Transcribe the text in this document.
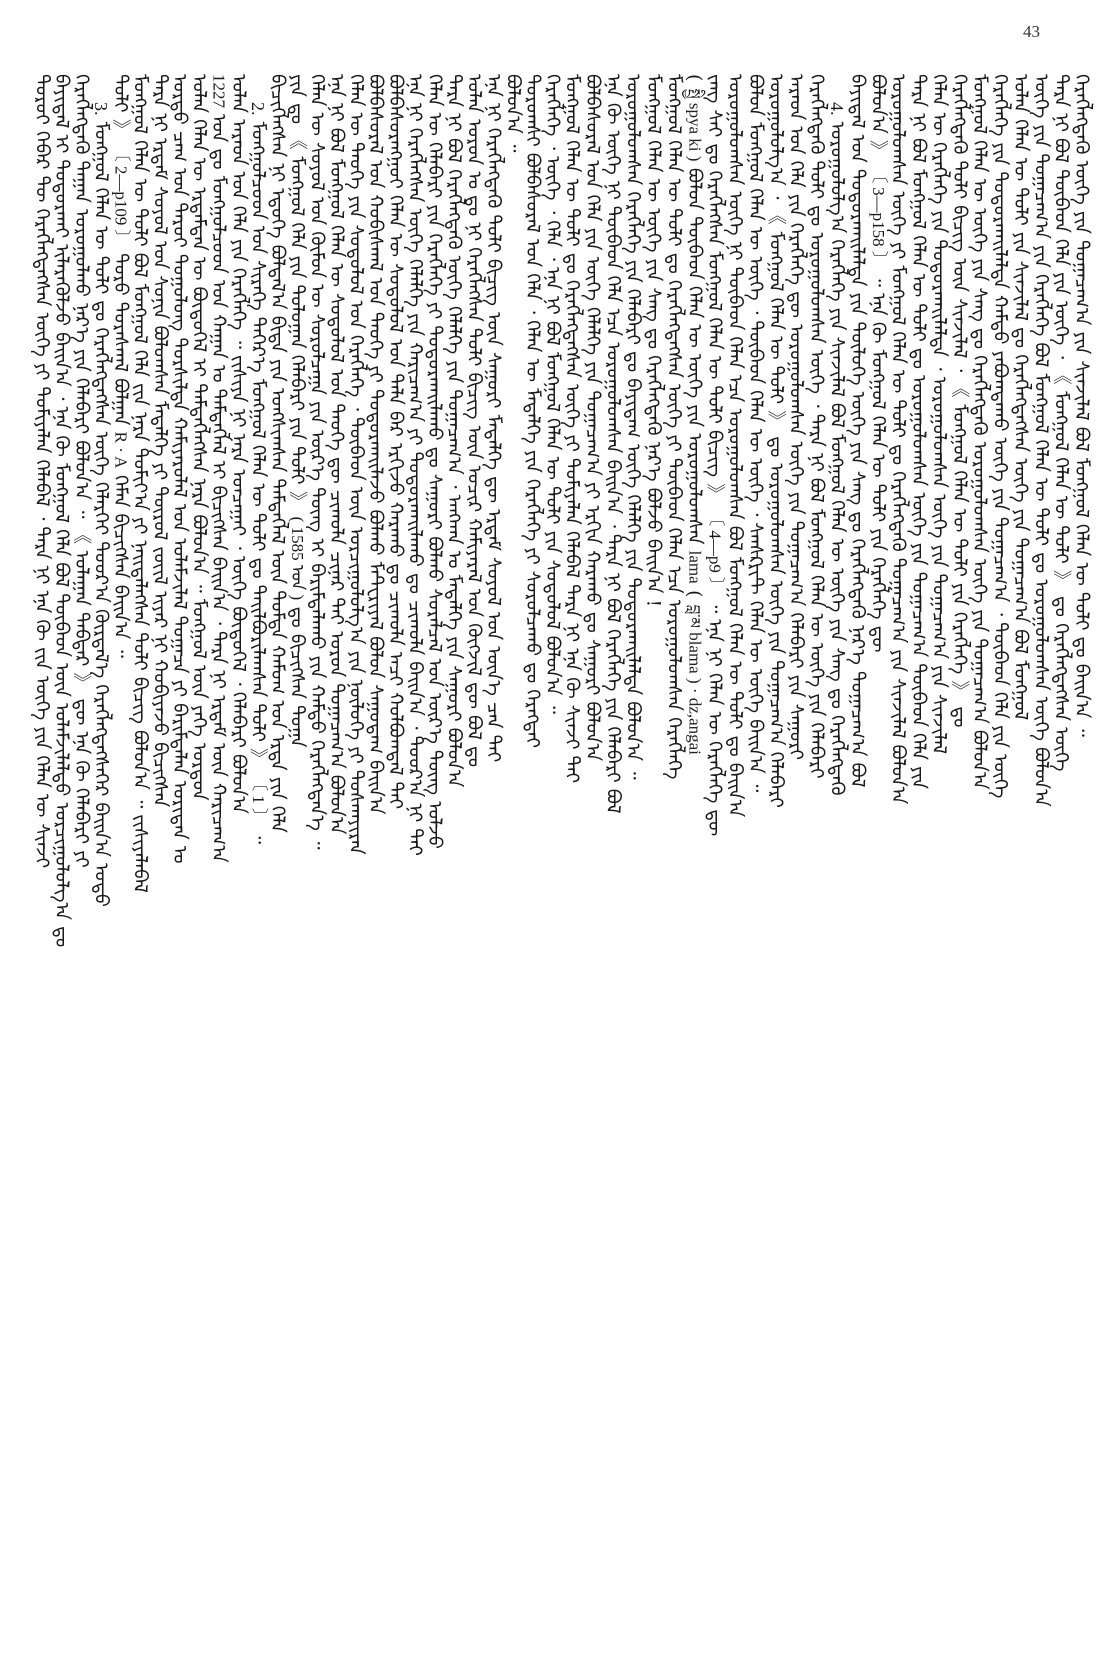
43
ᠳᠣᠷᠣᠢ ᠬᠡᠪᠡᠷ ᠲᠦ ᠬᠡᠷᠡᠭᠯᠡᠭᠳᠡᠭᠰᠡᠨ ᠦᠭᠡ ᠶᠢ ᠲᠣᠮᠢᠶᠠᠯᠠᠨ ᠬᠡᠯᠡᠪᠡᠯ ᠂ ᠲᠡᠷᠡ ᠨᠢ ᠡᠨᠡ ᠬᠦ ᠵᠢᠨ ᠦᠭᠡ ᠶᠢᠨ ᠬᠡᠯᠡᠨ ᠦ ᠰᠢᠨᠵᠢ
ᠪᠠᠶᠢᠳᠠᠯ ᠢ ᠲᠣᠳᠣᠷᠬᠠᠢ ᠢᠯᠡᠷᠡᠭᠦᠯᠵᠦ ᠪᠠᠢᠨ᠎ᠠ ᠂ ᠡᠨᠡ ᠬᠦ ᠮᠣᠩᠭᠣᠯ ᠬᠡᠯᠡ ᠪᠣᠯ ᠲᠥᠪᠡᠳ ᠦᠨ ᠤᠯᠠᠮᠵᠢᠯᠠᠯᠲᠤ ᠣᠷᠴᠢᠭᠤᠯᠤᠯᠭ᠎ᠠ ᠳᠤ
ᠬᠡᠷᠡᠭᠯᠡᠭᠳᠡᠬᠦ ᠳᠠᠭᠠᠨ ᠣᠷᠣᠭᠤᠯᠬᠤ ᠨᠡᠷ᠎ᠡ ᠶᠢᠨ ᠬᠡᠯᠡᠪᠡᠷᠢ ᠪᠣᠯᠤᠨ᠎ᠠ ᠃ 《 ᠤᠯᠠᠭᠠᠨ ᠳᠡᠪᠲᠡᠷ 》 ᠳᠦ ᠡᠨᠡ ᠬᠦ ᠬᠡᠯᠡᠪᠡᠷᠢ ᠶᠢ
3. ᠮᠣᠩᠭᠣᠯ ᠬᠡᠯᠡᠨ ᠦ ᠲᠣᠯᠢ ᠳᠤ ᠬᠡᠷᠡᠭᠯᠡᠭᠳᠡᠭᠰᠡᠨ ᠦᠭᠡ ᠬᠡᠯᠡᠷᠬᠡᠢ ᠳᠣᠣᠷ᠎ᠠ ᠬᠦᠷᠲᠡᠯ᠎ᠡ ᠬᠡᠷᠡᠭᠯᠡᠭᠳᠡᠭᠰᠡᠭᠡᠷ ᠪᠠᠢᠨ᠎ᠠ ᠤᠳᠤ
ᠲᠣᠯᠢ 》 〔 2—p109 〕 ᠳᠣᠷᠣ ᠳᠤᠷᠠᠰᠬᠠᠯ ᠪᠣᠯᠭᠠᠨ R · A ᠬᠡᠮᠡᠨ ᠪᠢᠴᠢᠭᠰᠡᠨ ᠪᠠᠢᠨ᠎ᠠ ᠃
ᠮᠣᠩᠭᠣᠯ ᠬᠡᠯᠡᠨ ᠦ ᠲᠣᠯᠢ ᠪᠣᠯ ᠮᠣᠩᠭᠣᠯ ᠬᠡᠯᠡ ᠵᠢᠨ ᠨᠡᠷᠡ ᠲᠣᠮᠢᠶ᠎ᠠ ᠶᠢ ᠨᠡᠢᠲᠡᠯᠡᠭᠰᠡᠨ ᠲᠣᠯᠢ ᠪᠢᠴᠢᠭ ᠪᠣᠯᠤᠨ᠎ᠠ ᠃ ᠵᠢᠱᠢᠶᠡᠯᠡᠪᠡᠯ
ᠲᠡᠷᠡ ᠨᠢ ᠡᠷᠳᠡᠮ ᠰᠣᠶᠣᠯ ᠤᠨ ᠰᠣᠨᠢᠨ ᠪᠣᠯᠤᠭᠰᠠᠨ ᠮᠡᠳᠡᠯᠭᠡ ᠶᠢ ᠲᠦᠷᠦᠯ ᠵᠦᠢᠯ ᠢᠶᠡᠷ ᠨᠢ ᠬᠤᠪᠢᠶᠠᠵᠤ ᠪᠢᠴᠢᠭᠰᠡᠨ
ᠤᠷᠲᠤ ᠴᠠᠭ ᠤᠨ ᠳᠠᠷᠤᠢ ᠳᠣᠭᠣᠯᠣᠩ ᠲᠤᠷᠰᠢᠯᠲᠠ ᠬᠠᠮᠢᠶᠠᠷᠤᠯᠠᠯ ᠤᠨ ᠤᠯᠠᠮᠵᠢᠯᠠᠯ ᠲᠣᠭᠠᠴᠠ ᠶᠢ ᠪᠠᠷᠢᠮᠲᠠᠯᠠᠨ ᠤᠷᠢᠳᠠᠨ ᠤ
ᠣᠯᠠᠨ ᠬᠡᠯᠡᠨ ᠦ ᠡᠷᠳᠡᠮᠲᠡᠨ ᠦ ᠪᠦᠲᠦᠭᠡᠯ ᠢ ᠲᠡᠮᠳᠡᠭᠯᠡᠭᠰᠡᠨ ᠨᠡᠷᠡ ᠪᠣᠯᠤᠨ᠎ᠠ ᠃ ᠮᠣᠩᠭᠣᠯ ᠦᠨ ᠶᠡᠬᠡ ᠣᠷᠳᠣᠨ 1227 ᠣᠨ ᠳᠤ ᠮᠣᠩᠭᠣᠯᠴᠤᠳ ᠤᠨ ᠬᠠᠭᠠᠨ ᠤ ᠲᠡᠮᠳᠡᠭᠯᠡᠯ ᠢ ᠪᠢᠴᠢᠭᠰᠡᠨ ᠪᠠᠢᠨ᠎ᠠ ᠂ ᠲᠡᠷᠡ ᠨᠢ ᠡᠷᠳᠡᠮ ᠦᠨ ᠬᠠᠷᠢᠴᠠᠭ᠎ᠠ
ᠣᠯᠠᠨ ᠠᠷᠠᠳ ᠤᠨ ᠬᠡᠯᠡ ᠶᠢᠨ ᠬᠡᠷᠡᠭᠯᠡᠭᠡ ᠃ ᠵᠢᠱᠢᠶᠡ ᠨᠢ ᠨᠡᠷᠡ ᠣᠨᠴᠠᠭᠠᠢ ᠂ ᠦᠭᠡ ᠪᠦᠲᠦᠭᠡᠯ ᠂ ᠬᠡᠯᠡᠪᠡᠷᠢ ᠪᠣᠯᠤᠨ᠎ᠠ
2. ᠮᠣᠩᠭᠣᠯᠴᠤᠳ ᠤᠨ ᠰᠢᠷᠡᠭᠡ ᠳᠡᠭᠡᠷ᠎ᠡ ᠮᠣᠩᠭᠣᠯ ᠬᠡᠯᠡᠨ ᠦ ᠲᠣᠯᠢ ᠳᠤ ᠲᠠᠢᠯᠪᠤᠷᠢᠯᠠᠭᠰᠠᠨ ᠲᠣᠯᠢ 》 〔 1 〕 ᠃
ᠪᠢᠴᠢᠭᠯᠡᠭᠰᠡᠨ ᠨᠢ ᠡᠳᠦᠭᠡ ᠪᠣᠯᠲᠠᠯ᠎ᠠ ᠪᠢᠳᠡ ᠶᠢᠨ ᠤᠩᠰᠢᠭᠰᠠᠨ ᠲᠡᠮᠳᠡᠭᠯᠡᠯ ᠦᠨ ᠳᠤᠮᠳᠠ ᠬᠠᠮᠤᠭ ᠤᠨ ᠡᠷᠲᠡ ᠶᠢᠨ ᠬᠡᠯᠡ
ᠶᠢᠨ ᠳᠤ 《 ᠮᠣᠩᠭᠣᠯ ᠬᠡᠯᠡ ᠶᠢᠨ ᠳᠣᠯᠣᠭᠠᠨ ᠬᠡᠯᠡᠪᠡᠷᠢ ᠶᠢᠨ ᠲᠣᠯᠢ 》 ( 1585 ᠣᠨ ) ᠳᠤ ᠪᠢᠴᠢᠭᠰᠡᠨ ᠲᠣᠭᠠ
ᠬᠡᠯᠡᠨ ᠦ ᠰᠣᠶᠣᠯ ᠤᠨ ᠬᠦᠮᠦᠨ ᠦ ᠰᠤᠷᠤᠯᠴᠠᠭᠠ ᠶᠢᠨ ᠦᠷ᠎ᠡ ᠳᠦᠩ ᠢ ᠪᠠᠷᠢᠮᠲᠠᠯᠠᠬᠤ ᠶᠢᠨ ᠬᠠᠮᠲᠤ ᠬᠡᠷᠡᠭᠯᠡᠭᠳᠡᠨ᠎ᠡ ᠃
ᠡᠨᠡ ᠨᠢ ᠪᠣᠯ ᠮᠣᠩᠭᠣᠯ ᠬᠡᠯᠡᠨ ᠦ ᠰᠤᠳᠤᠯᠤᠯ ᠤᠨ ᠲᠡᠦᠬᠡ ᠳᠦ ᠴᠢᠬᠤᠯᠠ ᠴᠢᠨᠠᠷ ᠲᠠᠢ ᠣᠷᠤᠨ ᠲᠤᠭᠠᠴᠠᠭ᠎ᠠ ᠪᠣᠯᠤᠨ᠎ᠠ
ᠬᠡᠯᠡᠨ ᠦ ᠲᠡᠦᠬᠡ ᠶᠢᠨ ᠰᠤᠳᠤᠯᠤᠯ ᠤᠨ ᠬᠡᠷᠡᠭᠯᠡᠭᠡ ᠂ ᠲᠦᠪᠡᠳ ᠦᠨ ᠣᠷᠴᠢᠭᠤᠯᠤᠯᠭ᠎ᠠ ᠶᠢᠨ ᠨᠥᠯᠦᠭᠡ ᠶᠢ ᠲᠤᠰᠬᠠᠶᠢᠷᠠᠨ
ᠪᠣᠯᠪᠠᠰᠤᠷᠠᠯ ᠤᠨ ᠬᠤᠪᠢᠰᠬᠠᠯ ᠤᠨ ᠲᠡᠦᠬᠡ ᠶᠢ ᠲᠣᠳᠣᠷᠬᠠᠢᠯᠠᠵᠤ ᠪᠣᠯᠬᠤ ᠮᠠᠲᠧᠷᠢᠶᠠᠯ ᠪᠣᠯᠤᠨ ᠰᠠᠭᠤᠳᠠᠭ ᠪᠠᠢᠨ᠎ᠠ
ᠪᠣᠯᠪᠠᠰᠤᠷᠠᠩᠭᠤᠢ ᠬᠡᠯᠡᠨ ᠦ ᠰᠤᠳᠤᠯᠤᠯ ᠤᠨ ᠲᠠᠯᠠ ᠪᠠᠷ ᠡᠷᠭᠢᠵᠦ ᠬᠠᠷᠠᠬᠤ ᠳᠤ ᠴᠢᠬᠤᠯᠠ ᠠᠴᠢ ᠬᠣᠯᠪᠣᠭᠳᠠᠯ ᠲᠠᠢ
ᠡᠨᠡ ᠨᠢ ᠬᠡᠷᠡᠭᠯᠡᠭᠰᠡᠨ ᠦᠭᠡ ᠬᠡᠯᠡᠯᠭᠡ ᠶᠢᠨ ᠬᠠᠷᠢᠴᠠᠭ᠎ᠠ ᠶᠢ ᠲᠣᠳᠣᠷᠬᠠᠢᠯᠠᠬᠤ ᠳᠤ ᠴᠢᠬᠤᠯᠠ ᠪᠠᠢᠨ᠎ᠠ ᠂ ᠳᠣᠣᠷ᠎ᠠ ᠨᠢ ᠲᠠᠢ
ᠬᠡᠯᠡᠨ ᠦ ᠬᠡᠯᠡᠪᠡᠷᠢ ᠶᠢᠨ ᠬᠡᠷᠡᠭᠯᠡᠭᠡ ᠶᠢ ᠲᠣᠳᠣᠷᠬᠠᠢᠯᠠᠬᠤ ᠳᠤ ᠰᠠᠭᠤᠷᠢ ᠪᠣᠯᠬᠤ ᠰᠤᠷᠠᠯᠴᠠᠯ ᠤᠨ ᠦᠷ᠎ᠡ ᠳᠦᠩ ᠣᠯᠵᠤ
ᠲᠡᠷᠡ ᠨᠢ ᠪᠣᠯ ᠬᠡᠷᠡᠭᠯᠡᠭᠳᠡᠬᠦ ᠦᠭᠡ ᠬᠡᠯᠡᠯᠭᠡ ᠶᠢᠨ ᠲᠣᠭᠠᠴᠠᠭ᠎ᠠ ᠂ ᠠᠩᠬᠠᠨ ᠤ ᠮᠡᠳᠡᠯᠭᠡ ᠶᠢᠨ ᠰᠠᠭᠤᠷᠢ ᠪᠣᠯᠤᠨ᠎ᠠ
ᠣᠯᠠᠨ ᠣᠷᠣᠨ ᠤ ᠳᠤ ᠨᠢ ᠬᠡᠷᠡᠭᠯᠡᠭᠰᠡᠨ ᠲᠣᠯᠢ ᠪᠢᠴᠢᠭ ᠦᠨ ᠤᠴᠢᠷ ᠬᠠᠮᠢᠶᠠᠷᠠᠯ ᠤᠨ ᠬᠥᠭᠵᠢᠯ ᠳᠦ ᠪᠣᠯ ᠳᠤ
ᠡᠨᠡ ᠨᠢ ᠬᠡᠷᠡᠭᠯᠡᠭᠳᠡᠬᠦ ᠲᠣᠯᠢ ᠪᠢᠴᠢᠭ ᠦᠨ ᠰᠠᠭᠤᠷᠢ ᠮᠡᠳᠡᠯᠭᠡ ᠳᠦ ᠡᠷᠳᠡᠮ ᠰᠣᠶᠣᠯ ᠤᠨ ᠦᠨ᠎ᠡ ᠴᠡᠨ ᠲᠠᠢ
ᠪᠣᠯᠤᠨ᠎ᠠ ᠃
ᠳᠣᠷᠣᠭᠰᠢ ᠪᠣᠯᠪᠠᠰᠤᠷᠠᠯ ᠤᠨ ᠬᠡᠯᠡ ᠂ ᠬᠡᠯᠡᠨ ᠦ ᠮᠡᠳᠡᠯᠭᠡ ᠶᠢᠨ ᠬᠡᠷᠡᠭᠯᠡᠭᠡ ᠶᠢ ᠰᠤᠷᠤᠯᠴᠠᠬᠤ ᠳᠤ ᠬᠡᠷᠡᠭᠲᠡᠢ
ᠬᠡᠷᠡᠭᠯᠡᠭᠡ ᠂ ᠦᠭᠡ ᠂ ᠬᠡᠯᠡ ᠂ ᠡᠨᠡ ᠨᠢ ᠪᠣᠯ ᠮᠣᠩᠭᠣᠯ ᠬᠡᠯᠡᠨ ᠦ ᠲᠣᠯᠢ ᠶᠢᠨ ᠰᠤᠳᠤᠯᠤᠯ ᠪᠣᠯᠤᠨ᠎ᠠ ᠃
ᠮᠣᠩᠭᠣᠯ ᠬᠡᠯᠡᠨ ᠦ ᠲᠣᠯᠢ ᠳᠤ ᠬᠡᠷᠡᠭᠯᠡᠭᠳᠡᠭᠰᠡᠨ ᠦᠭᠡ ᠶᠢ ᠲᠣᠮᠢᠶᠠᠯᠠᠨ ᠬᠡᠯᠡᠪᠡᠯ ᠲᠡᠷᠡ ᠨᠢ ᠡᠨᠡ ᠬᠦ ᠰᠢᠨᠵᠢ ᠲᠠᠢ
ᠪᠣᠯᠪᠠᠰᠤᠷᠠᠯ ᠤᠨ ᠬᠡᠯᠡ ᠶᠢᠨ ᠦᠭᠡ ᠬᠡᠯᠡᠯᠭᠡ ᠶᠢᠨ ᠲᠣᠭᠠᠴᠠᠭ᠎ᠠ ᠶᠢ ᠡᠷᠭᠢᠨ ᠬᠠᠷᠠᠬᠤ ᠳᠤ ᠰᠠᠭᠤᠷᠢ ᠪᠣᠯᠤᠨ᠎ᠠ
ᠡᠨᠡ ᠬᠦ ᠦᠭᠡ ᠨᠢ ᠲᠦᠪᠡᠳ ᠬᠡᠯᠡ ᠡᠴᠡ ᠣᠷᠣᠭᠤᠯᠤᠭᠰᠠᠨ ᠪᠠᠢᠨ᠎ᠠ ᠂ ᠲᠡᠷᠡ ᠨᠢ ᠪᠣᠯ ᠬᠡᠷᠡᠭᠯᠡᠭᠡ ᠶᠢᠨ ᠬᠡᠯᠡᠪᠡᠷᠢ ᠪᠣᠯ
ᠣᠷᠣᠭᠤᠯᠤᠭᠰᠠᠨ ᠬᠡᠷᠡᠭᠯᠡᠭᠡ ᠶᠢᠨ ᠬᠡᠯᠡᠪᠡᠷᠢ ᠳᠤ ᠪᠠᠶᠢᠳᠠᠭ ᠦᠭᠡ ᠬᠡᠯᠡᠯᠭᠡ ᠶᠢᠨ ᠲᠣᠳᠣᠷᠬᠠᠢᠯᠠᠯᠲᠠ ᠪᠣᠯᠤᠨ᠎ᠠ ᠃
ᠮᠣᠩᠭᠣᠯ ᠬᠡᠯᠡᠨ ᠦ ᠦᠭᠡ ᠶᠢᠨ ᠰᠠᠩ ᠳᠤ ᠬᠡᠷᠡᠭᠯᠡᠭᠳᠡᠬᠦ ᠨᠡᠷ᠎ᠡ ᠪᠣᠯᠵᠤ ᠪᠠᠢᠨ᠎ᠠ !
ᠮᠣᠩᠭᠣᠯ ᠬᠡᠯᠡᠨ ᠦ ᠲᠣᠯᠢ ᠳᠤ ᠬᠡᠷᠡᠭᠯᠡᠭᠳᠡᠭᠰᠡᠨ ᠦᠭᠡ ᠶᠢ ᠲᠥᠪᠡᠳ ᠬᠡᠯᠡᠨ ᠡᠴᠡ ᠣᠷᠣᠭᠤᠯᠤᠭᠰᠠᠨ ᠬᠡᠷᠡᠭᠯᠡᠭᠡ
( སྤྱི spya ki ) ᠪᠣᠯᠤᠨ ᠲᠥᠪᠡᠳ ᠬᠡᠯᠡᠨ ᠦ ᠦᠭᠡ ᠶᠢᠨ ᠣᠷᠣᠭᠤᠯᠤᠭᠰᠠᠨ lama ( བླ་མ blama ) · dz,angai
ᠵᠡᠩ ᠰᠠᠢ ᠳᠤ ᠬᠡᠷᠡᠭᠯᠡᠭᠰᠡᠨ ᠮᠣᠩᠭᠣᠯ ᠬᠡᠯᠡᠨ ᠦ ᠲᠣᠯᠢ ᠪᠢᠴᠢᠭ 》 〔 4—p9 〕 ᠃ ᠡᠨᠡ ᠨᠢ ᠬᠡᠯᠡᠨ ᠦ ᠬᠡᠷᠡᠭᠯᠡᠭᠡ ᠳᠦ
ᠣᠷᠣᠭᠤᠯᠤᠭᠰᠠᠨ ᠦᠭᠡ ᠨᠢ ᠲᠥᠪᠡᠳ ᠬᠡᠯᠡᠨ ᠡᠴᠡ ᠣᠷᠣᠭᠤᠯᠤᠭᠰᠠᠨ ᠪᠣᠯ ᠮᠣᠩᠭᠣᠯ ᠬᠡᠯᠡᠨ ᠦ ᠲᠣᠯᠢ ᠳᠤ ᠪᠠᠢᠨ᠎ᠠ
ᠪᠣᠯᠤᠨ ᠮᠣᠩᠭᠣᠯ ᠬᠡᠯᠡᠨ ᠦ ᠦᠭᠡ ᠂ ᠲᠥᠪᠡᠳ ᠬᠡᠯᠡᠨ ᠦ ᠦᠭᠡ ᠂ ᠰᠠᠨᠰᠺᠷᠢᠲ ᠬᠡᠯᠡᠨ ᠦ ᠦᠭᠡ ᠪᠠᠢᠨ᠎ᠠ ᠃
ᠣᠷᠣᠭᠤᠯᠤᠯᠭ᠎ᠠ ᠂ 《 ᠮᠣᠩᠭᠣᠯ ᠬᠡᠯᠡᠨ ᠦ ᠲᠣᠯᠢ 》 ᠳᠤ ᠣᠷᠣᠭᠤᠯᠤᠭᠰᠠᠨ ᠦᠭᠡ ᠶᠢᠨ ᠲᠣᠭᠠᠴᠠᠭ᠎ᠠ ᠬᠡᠯᠡᠪᠡᠷᠢ
ᠠᠷᠠᠳ ᠤᠨ ᠬᠡᠯᠡ ᠶᠢᠨ ᠬᠡᠷᠡᠭᠯᠡᠭᠡ ᠳᠦ ᠣᠷᠣᠭᠤᠯᠤᠭᠰᠠᠨ ᠦᠭᠡ ᠶᠢᠨ ᠲᠣᠭᠠᠴᠠᠭ᠎ᠠ ᠬᠡᠯᠡᠪᠡᠷᠢ ᠶᠢᠨ ᠰᠠᠭᠤᠷᠢ
ᠬᠡᠷᠡᠭᠯᠡᠭᠳᠡᠬᠦ ᠲᠣᠯᠢ ᠳᠤ ᠣᠷᠣᠭᠤᠯᠤᠭᠰᠠᠨ ᠦᠭᠡ ᠂ ᠲᠡᠷᠡ ᠨᠢ ᠪᠣᠯ ᠮᠣᠩᠭᠣᠯ ᠬᠡᠯᠡᠨ ᠦ ᠦᠭᠡ ᠶᠢᠨ ᠬᠡᠯᠡᠪᠡᠷᠢ 4. ᠣᠷᠣᠭᠤᠯᠤᠯᠭ᠎ᠠ ᠬᠡᠷᠡᠭᠯᠡᠭᠡ ᠶᠢᠨ ᠰᠢᠨᠵᠢᠯᠡᠯ ᠪᠣᠯ ᠮᠣᠩᠭᠣᠯ ᠬᠡᠯᠡᠨ ᠦ ᠦᠭᠡ ᠶᠢᠨ ᠰᠠᠩ ᠳᠤ ᠬᠡᠷᠡᠭᠯᠡᠭᠳᠡᠬᠦ
ᠪᠠᠶᠢᠳᠠᠯ ᠤᠨ ᠲᠣᠳᠣᠷᠬᠠᠢᠯᠠᠯᠲᠠ ᠶᠢᠨ ᠲᠥᠯᠦᠭᠡ ᠦᠭᠡ ᠶᠢᠨ ᠰᠠᠩ ᠳᠤ ᠬᠡᠷᠡᠭᠯᠡᠭᠳᠡᠬᠦ ᠨᠡᠷ᠎ᠡ ᠲᠣᠭᠠᠴᠠᠭ᠎ᠠ ᠪᠣᠯ
ᠪᠣᠯᠤᠨ᠎ᠠ 》 〔 3—p158 〕 ᠃ ᠡᠨᠡ ᠬᠦ ᠮᠣᠩᠭᠣᠯ ᠬᠡᠯᠡᠨ ᠦ ᠲᠣᠯᠢ ᠶᠢᠨ ᠬᠡᠷᠡᠭᠯᠡᠭᠡ ᠳᠦ
ᠣᠷᠣᠭᠤᠯᠤᠭᠰᠠᠨ ᠦᠭᠡ ᠶᠢ ᠮᠣᠩᠭᠣᠯ ᠬᠡᠯᠡᠨ ᠦ ᠲᠣᠯᠢ ᠳᠤ ᠬᠡᠷᠡᠭᠯᠡᠭᠳᠡᠬᠦ ᠲᠣᠭᠠᠴᠠᠭ᠎ᠠ ᠶᠢᠨ ᠰᠢᠨᠵᠢᠯᠡᠯ ᠪᠣᠯᠤᠨ᠎ᠠ
ᠲᠡᠷᠡ ᠨᠢ ᠪᠣᠯ ᠮᠣᠩᠭᠣᠯ ᠬᠡᠯᠡᠨ ᠦ ᠲᠣᠯᠢ ᠳᠤ ᠣᠷᠣᠭᠤᠯᠤᠭᠰᠠᠨ ᠦᠭᠡ ᠶᠢᠨ ᠲᠣᠭᠠᠴᠠᠭ᠎ᠠ ᠲᠥᠪᠡᠳ ᠬᠡᠯᠡ ᠶᠢᠨ
ᠬᠡᠯᠡᠨ ᠦ ᠬᠡᠷᠡᠭᠯᠡᠭᠡ ᠶᠢᠨ ᠲᠣᠳᠣᠷᠬᠠᠢᠯᠠᠯᠲᠠ ᠂ ᠣᠷᠣᠭᠤᠯᠤᠭᠰᠠᠨ ᠦᠭᠡ ᠶᠢᠨ ᠲᠣᠭᠠᠴᠠᠭ᠎ᠠ ᠶᠢᠨ ᠰᠢᠨᠵᠢᠯᠡᠯ
ᠬᠡᠷᠡᠭᠯᠡᠭᠳᠡᠬᠦ ᠲᠣᠯᠢ ᠪᠢᠴᠢᠭ ᠦᠨ ᠰᠢᠨᠵᠢᠯᠡᠯ ᠂ 《 ᠮᠣᠩᠭᠣᠯ ᠬᠡᠯᠡᠨ ᠦ ᠲᠣᠯᠢ ᠶᠢᠨ ᠬᠡᠷᠡᠭᠯᠡᠭᠡ 》 ᠳᠤ
ᠮᠣᠩᠭᠣᠯ ᠬᠡᠯᠡᠨ ᠦ ᠦᠭᠡ ᠶᠢᠨ ᠰᠠᠩ ᠳᠤ ᠬᠡᠷᠡᠭᠯᠡᠭᠳᠡᠬᠦ ᠣᠷᠣᠭᠤᠯᠤᠭᠰᠠᠨ ᠦᠭᠡ ᠶᠢᠨ ᠲᠣᠭᠠᠴᠠᠭ᠎ᠠ ᠪᠣᠯᠤᠨ᠎ᠠ
ᠬᠡᠷᠡᠭᠯᠡᠭᠡ ᠶᠢᠨ ᠲᠣᠳᠣᠷᠬᠠᠢᠯᠠᠯᠲᠠ ᠬᠠᠮᠲᠤ ᠶᠠᠪᠤᠭᠳᠠᠬᠤ ᠦᠭᠡ ᠶᠢᠨ ᠲᠣᠭᠠᠴᠠᠭ᠎ᠠ ᠂ ᠲᠥᠪᠡᠳ ᠬᠡᠯᠡ ᠶᠢᠨ ᠦᠭᠡ
ᠣᠯᠠᠨ ᠬᠡᠯᠡᠨ ᠦ ᠲᠣᠯᠢ ᠶᠢᠨ ᠰᠢᠨᠵᠢᠯᠡᠯ ᠳᠤ ᠬᠡᠷᠡᠭᠯᠡᠭᠳᠡᠭᠰᠡᠨ ᠦᠭᠡ ᠶᠢᠨ ᠲᠣᠭᠠᠴᠠᠭ᠎ᠠ ᠪᠣᠯ ᠮᠣᠩᠭᠣᠯ
ᠦᠭᠡ ᠶᠢᠨ ᠲᠣᠭᠠᠴᠠᠭ᠎ᠠ ᠶᠢᠨ ᠬᠡᠷᠡᠭᠯᠡᠭᠡ ᠪᠣᠯ ᠮᠣᠩᠭᠣᠯ ᠬᠡᠯᠡᠨ ᠦ ᠲᠣᠯᠢ ᠳᠤ ᠣᠷᠣᠭᠤᠯᠤᠭᠰᠠᠨ ᠦᠭᠡ ᠪᠣᠯᠤᠨ᠎ᠠ
ᠲᠡᠷᠡ ᠨᠢ ᠪᠣᠯ ᠲᠥᠪᠡᠳ ᠬᠡᠯᠡ ᠶᠢᠨ ᠦᠭᠡ ᠂ 《 ᠮᠣᠩᠭᠣᠯ ᠬᠡᠯᠡᠨ ᠦ ᠲᠣᠯᠢ 》 ᠳᠤ ᠬᠡᠷᠡᠭᠯᠡᠭᠳᠡᠭᠰᠡᠨ ᠦᠭᠡ
ᠬᠡᠷᠡᠭᠯᠡᠭᠳᠡᠬᠦ ᠦᠭᠡ ᠶᠢᠨ ᠲᠣᠭᠠᠴᠠᠭ᠎ᠠ ᠶᠢᠨ ᠰᠢᠨᠵᠢᠯᠡᠯ ᠪᠣᠯ ᠮᠣᠩᠭᠣᠯ ᠬᠡᠯᠡᠨ ᠦ ᠲᠣᠯᠢ ᠳᠤ ᠪᠠᠢᠨ᠎ᠠ ᠃
